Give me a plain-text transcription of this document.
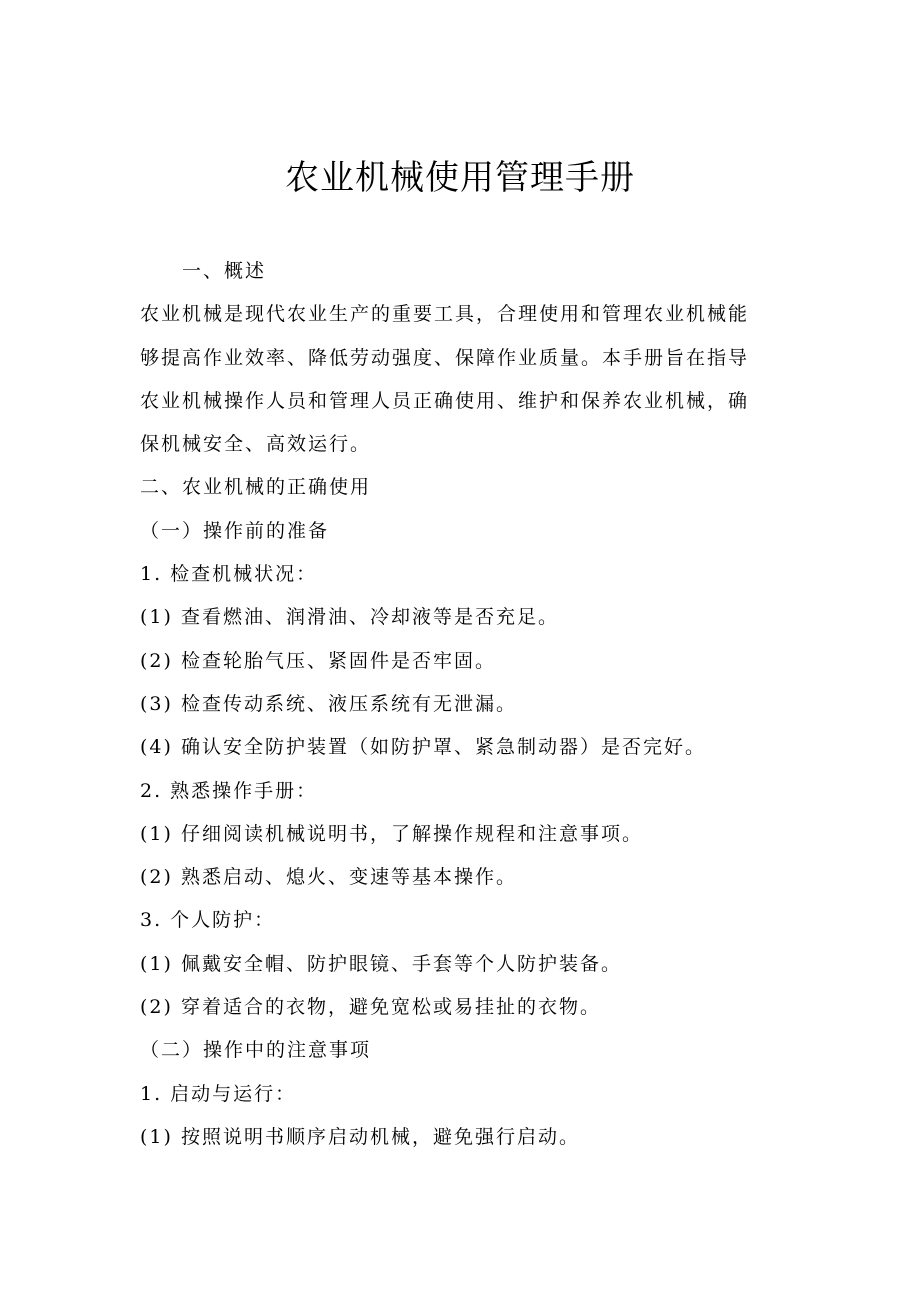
农业机械使用管理手册
一、概述
农业机械是现代农业生产的重要工具，合理使用和管理农业机械能
够提高作业效率、降低劳动强度、保障作业质量。本手册旨在指导
农业机械操作人员和管理人员正确使用、维护和保养农业机械，确
保机械安全、高效运行。
二、农业机械的正确使用
（一）操作前的准备
1. 检查机械状况：
(1) 查看燃油、润滑油、冷却液等是否充足。
(2) 检查轮胎气压、紧固件是否牢固。
(3) 检查传动系统、液压系统有无泄漏。
(4) 确认安全防护装置（如防护罩、紧急制动器）是否完好。
2. 熟悉操作手册：
(1) 仔细阅读机械说明书，了解操作规程和注意事项。
(2) 熟悉启动、熄火、变速等基本操作。
3. 个人防护：
(1) 佩戴安全帽、防护眼镜、手套等个人防护装备。
(2) 穿着适合的衣物，避免宽松或易挂扯的衣物。
（二）操作中的注意事项
1. 启动与运行：
(1) 按照说明书顺序启动机械，避免强行启动。
